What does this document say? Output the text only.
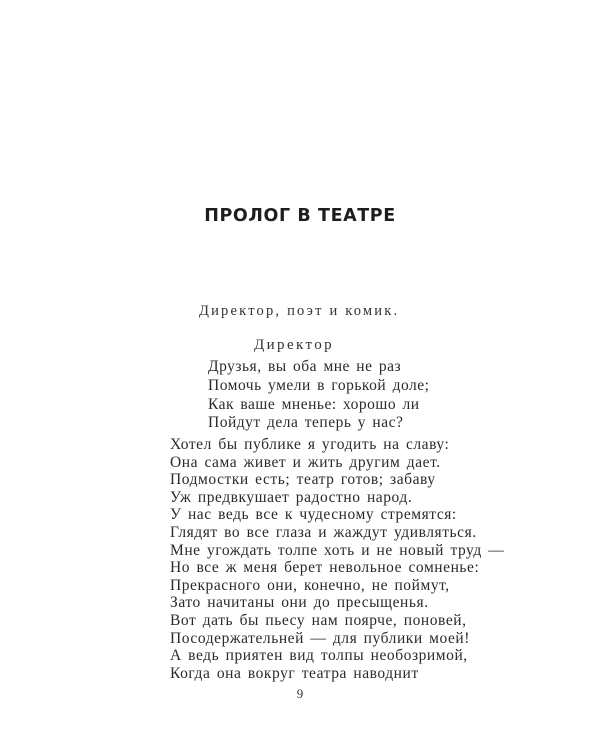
ПРОЛОГ В ТЕАТРЕ
Директор, поэт и комик.
Директор
Друзья, вы оба мне не раз
Помочь умели в горькой доле;
Как ваше мненье: хорошо ли
Пойдут дела теперь у нас?
Хотел бы публике я угодить на славу:
Она сама живет и жить другим дает.
Подмостки есть; театр готов; забаву
Уж предвкушает радостно народ.
У нас ведь все к чудесному стремятся:
Глядят во все глаза и жаждут удивляться.
Мне угождать толпе хоть и не новый труд —
Но все ж меня берет невольное сомненье:
Прекрасного они, конечно, не поймут,
Зато начитаны они до пресыщенья.
Вот дать бы пьесу нам поярче, поновей,
Посодержательней — для публики моей!
А ведь приятен вид толпы необозримой,
Когда она вокруг театра наводнит
9
